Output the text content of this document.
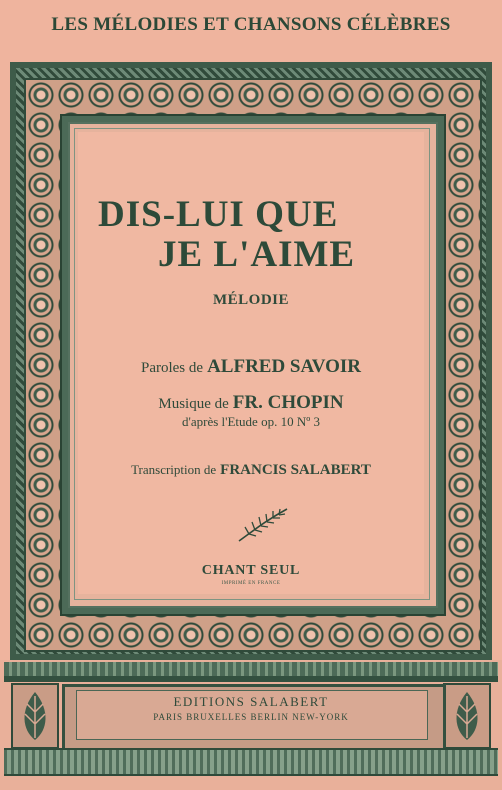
LES MÉLODIES ET CHANSONS CÉLÈBRES
DIS-LUI QUE
JE L'AIME
MÉLODIE
Paroles de ALFRED SAVOIR
Musique de FR. CHOPIN
d'après l'Etude op. 10 Nº 3
Transcription de FRANCIS SALABERT
CHANT SEUL
IMPRIMÉ EN FRANCE
EDITIONS SALABERT
PARIS BRUXELLES BERLIN NEW-YORK
